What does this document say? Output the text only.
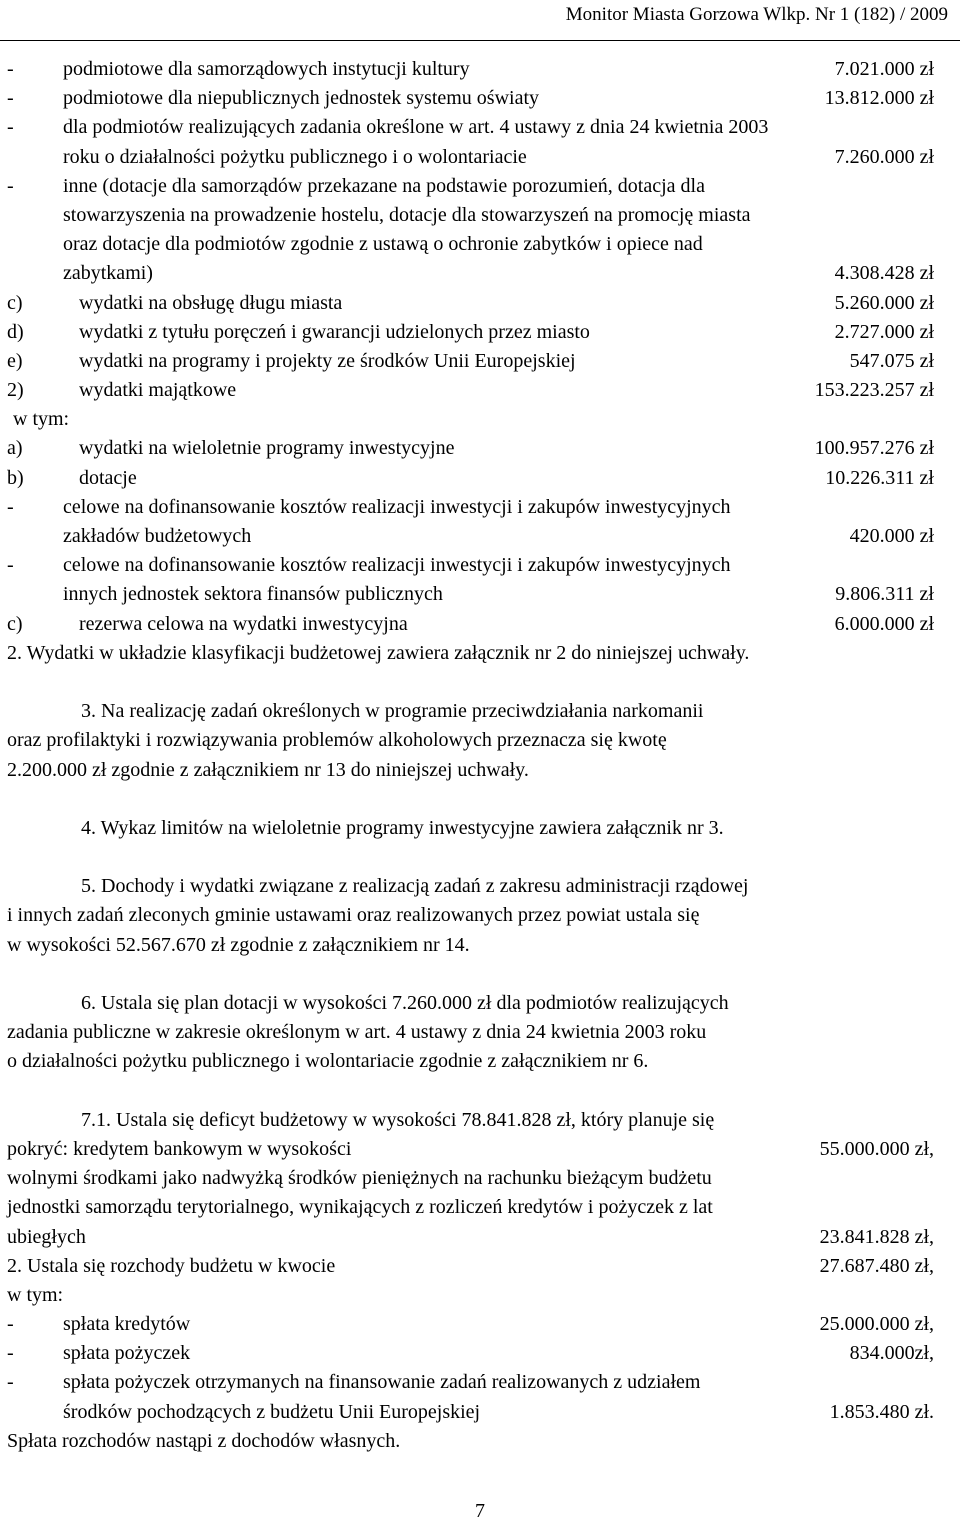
Monitor Miasta Gorzowa Wlkp. Nr 1 (182) / 2009
- podmiotowe dla samorządowych instytucji kultury	7.021.000 zł
- podmiotowe dla niepublicznych jednostek systemu oświaty	13.812.000 zł
- dla podmiotów realizujących zadania określone w art. 4 ustawy z dnia 24 kwietnia 2003
roku o działalności pożytku publicznego i o wolontariacie	7.260.000 zł
- inne (dotacje dla samorządów przekazane na podstawie porozumień, dotacja dla
stowarzyszenia na prowadzenie hostelu, dotacje dla stowarzyszeń na promocję miasta
oraz dotacje dla podmiotów zgodnie z ustawą o ochronie zabytków i opiece nad
zabytkami)	4.308.428 zł
c)	wydatki na obsługę długu miasta	5.260.000 zł
d)	wydatki z tytułu poręczeń i gwarancji udzielonych przez miasto	2.727.000 zł
e)	wydatki na programy i projekty ze środków Unii Europejskiej	547.075 zł
2)	wydatki majątkowe	153.223.257 zł
w tym:
a)	wydatki na wieloletnie programy inwestycyjne	100.957.276 zł
b)	dotacje	10.226.311 zł
- celowe na dofinansowanie kosztów realizacji inwestycji i zakupów inwestycyjnych
zakładów budżetowych	420.000 zł
- celowe na dofinansowanie kosztów realizacji inwestycji i zakupów inwestycyjnych
innych jednostek sektora finansów publicznych	9.806.311 zł
c)	rezerwa celowa na wydatki inwestycyjna	6.000.000 zł
2. Wydatki w układzie klasyfikacji budżetowej zawiera załącznik nr 2 do niniejszej uchwały.
3. Na realizację zadań określonych w programie przeciwdziałania narkomanii
oraz profilaktyki i rozwiązywania problemów alkoholowych przeznacza się kwotę
2.200.000 zł zgodnie z załącznikiem nr 13 do niniejszej uchwały.
4. Wykaz limitów na wieloletnie programy inwestycyjne zawiera załącznik nr 3.
5. Dochody i wydatki związane z realizacją zadań z zakresu administracji rządowej
i innych zadań zleconych gminie ustawami oraz realizowanych przez powiat ustala się
w wysokości 52.567.670 zł zgodnie z załącznikiem nr 14.
6. Ustala się plan dotacji w wysokości 7.260.000 zł dla podmiotów realizujących
zadania publiczne w zakresie określonym w art. 4 ustawy z dnia 24 kwietnia 2003 roku
o działalności pożytku publicznego i wolontariacie zgodnie z załącznikiem nr 6.
7.1. Ustala się deficyt budżetowy w wysokości 78.841.828 zł, który planuje się
pokryć: kredytem bankowym w wysokości	55.000.000 zł,
wolnymi środkami jako nadwyżką środków pieniężnych na rachunku bieżącym budżetu
jednostki samorządu terytorialnego, wynikających z rozliczeń kredytów i pożyczek z lat
ubiegłych	23.841.828 zł,
2. Ustala się rozchody budżetu w kwocie	27.687.480 zł,
w tym:
- spłata kredytów	25.000.000 zł,
- spłata pożyczek	834.000zł,
- spłata pożyczek otrzymanych na finansowanie zadań realizowanych z udziałem
środków pochodzących z budżetu Unii Europejskiej	1.853.480 zł.
Spłata rozchodów nastąpi z dochodów własnych.
7
